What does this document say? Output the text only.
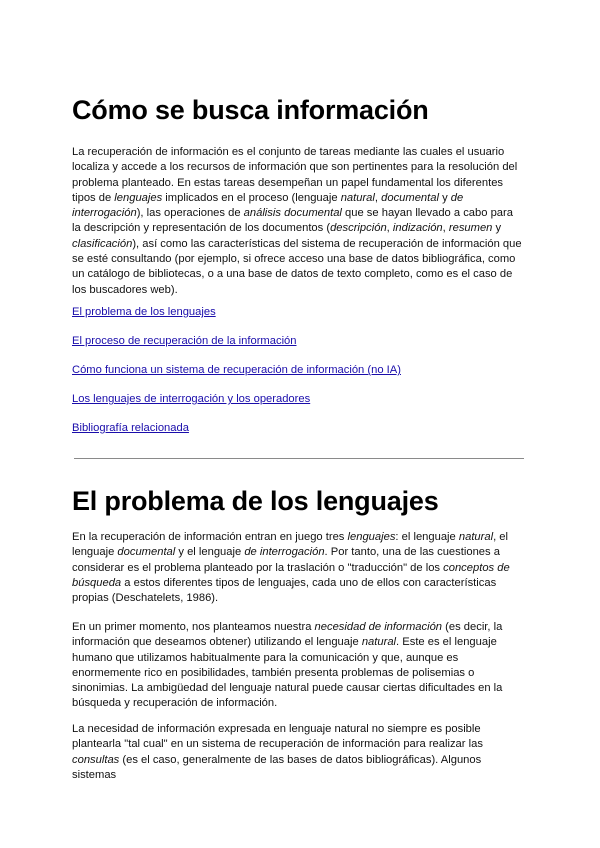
Cómo se busca información

La recuperación de información es el conjunto de tareas mediante las cuales el usuario localiza y accede a los recursos de información que son pertinentes para la resolución del problema planteado. En estas tareas desempeñan un papel fundamental los diferentes tipos de lenguajes implicados en el proceso (lenguaje natural, documental y de interrogación), las operaciones de análisis documental que se hayan llevado a cabo para la descripción y representación de los documentos (descripción, indización, resumen y clasificación), así como las características del sistema de recuperación de información que se esté consultando (por ejemplo, si ofrece acceso una base de datos bibliográfica, como un catálogo de bibliotecas, o a una base de datos de texto completo, como es el caso de los buscadores web).

El problema de los lenguajes
El proceso de recuperación de la información
Cómo funciona un sistema de recuperación de información (no IA)
Los lenguajes de interrogación y los operadores
Bibliografía relacionada
El problema de los lenguajes

En la recuperación de información entran en juego tres lenguajes: el lenguaje natural, el lenguaje documental y el lenguaje de interrogación. Por tanto, una de las cuestiones a considerar es el problema planteado por la traslación o "traducción" de los conceptos de búsqueda a estos diferentes tipos de lenguajes, cada uno de ellos con características propias (Deschatelets, 1986).

En un primer momento, nos planteamos nuestra necesidad de información (es decir, la información que deseamos obtener) utilizando el lenguaje natural. Este es el lenguaje humano que utilizamos habitualmente para la comunicación y que, aunque es enormemente rico en posibilidades, también presenta problemas de polisemias o sinonimias. La ambigüedad del lenguaje natural puede causar ciertas dificultades en la búsqueda y recuperación de información.

La necesidad de información expresada en lenguaje natural no siempre es posible plantearla "tal cual" en un sistema de recuperación de información para realizar las consultas (es el caso, generalmente de las bases de datos bibliográficas). Algunos sistemas
